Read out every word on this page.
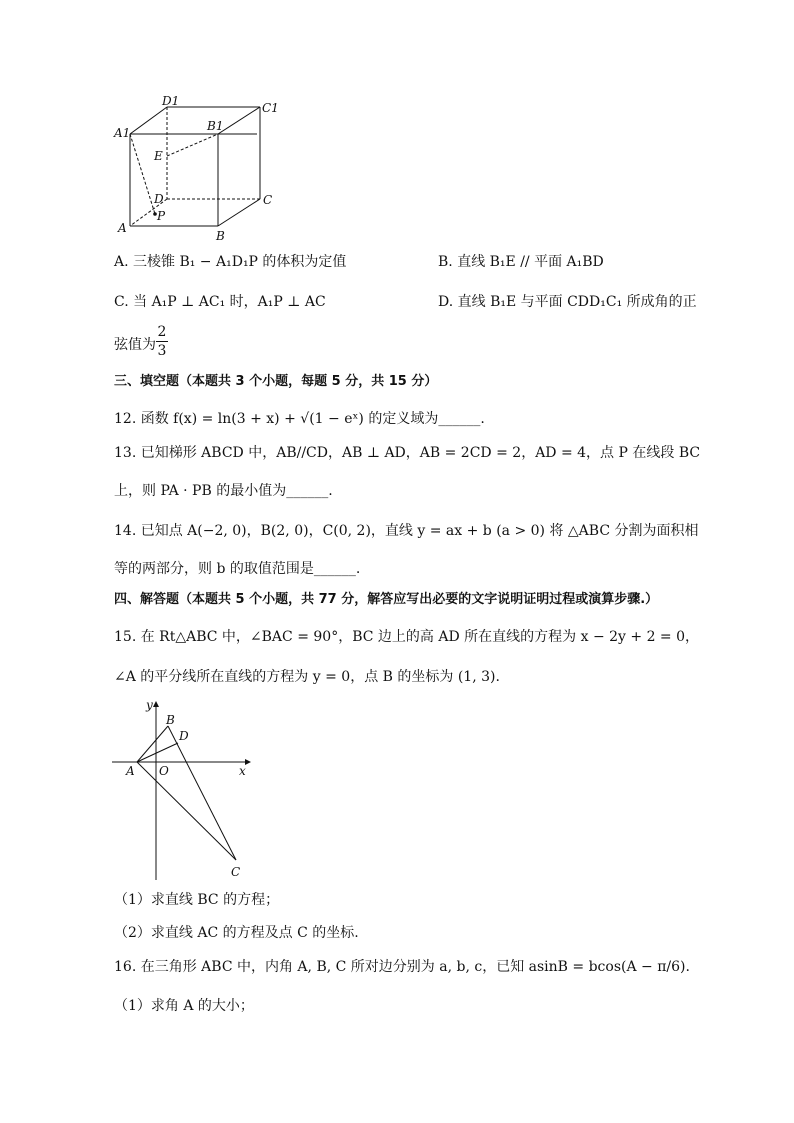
D1	C1
A1	B1
E
D	C
P
A
B
A. 三棱锥 B₁ − A₁D₁P 的体积为定值	B. 直线 B₁E // 平面 A₁BD
C. 当 A₁P ⊥ AC₁ 时，A₁P ⊥ AC	D. 直线 B₁E 与平面 CDD₁C₁ 所成角的正
弦值为
2
3
三、填空题（本题共 3 个小题，每题 5 分，共 15 分）
12. 函数 f(x) = ln(3 + x) + √(1 − eˣ) 的定义域为______.
13. 已知梯形 ABCD 中，AB//CD，AB ⊥ AD，AB = 2CD = 2，AD = 4，点 P 在线段 BC
上，则 PA · PB 的最小值为______.
14. 已知点 A(−2, 0)，B(2, 0)，C(0, 2)，直线 y = ax + b (a > 0) 将 △ABC 分割为面积相
等的两部分，则 b 的取值范围是______.
四、解答题（本题共 5 个小题，共 77 分，解答应写出必要的文字说明证明过程或演算步骤.）
15. 在 Rt△ABC 中，∠BAC = 90°，BC 边上的高 AD 所在直线的方程为 x − 2y + 2 = 0，
∠A 的平分线所在直线的方程为 y = 0，点 B 的坐标为 (1, 3).
y
B
D
A O	x
C
（1）求直线 BC 的方程；
（2）求直线 AC 的方程及点 C 的坐标.
16. 在三角形 ABC 中，内角 A, B, C 所对边分别为 a, b, c，已知 asinB = bcos(A − π/6).
（1）求角 A 的大小；
